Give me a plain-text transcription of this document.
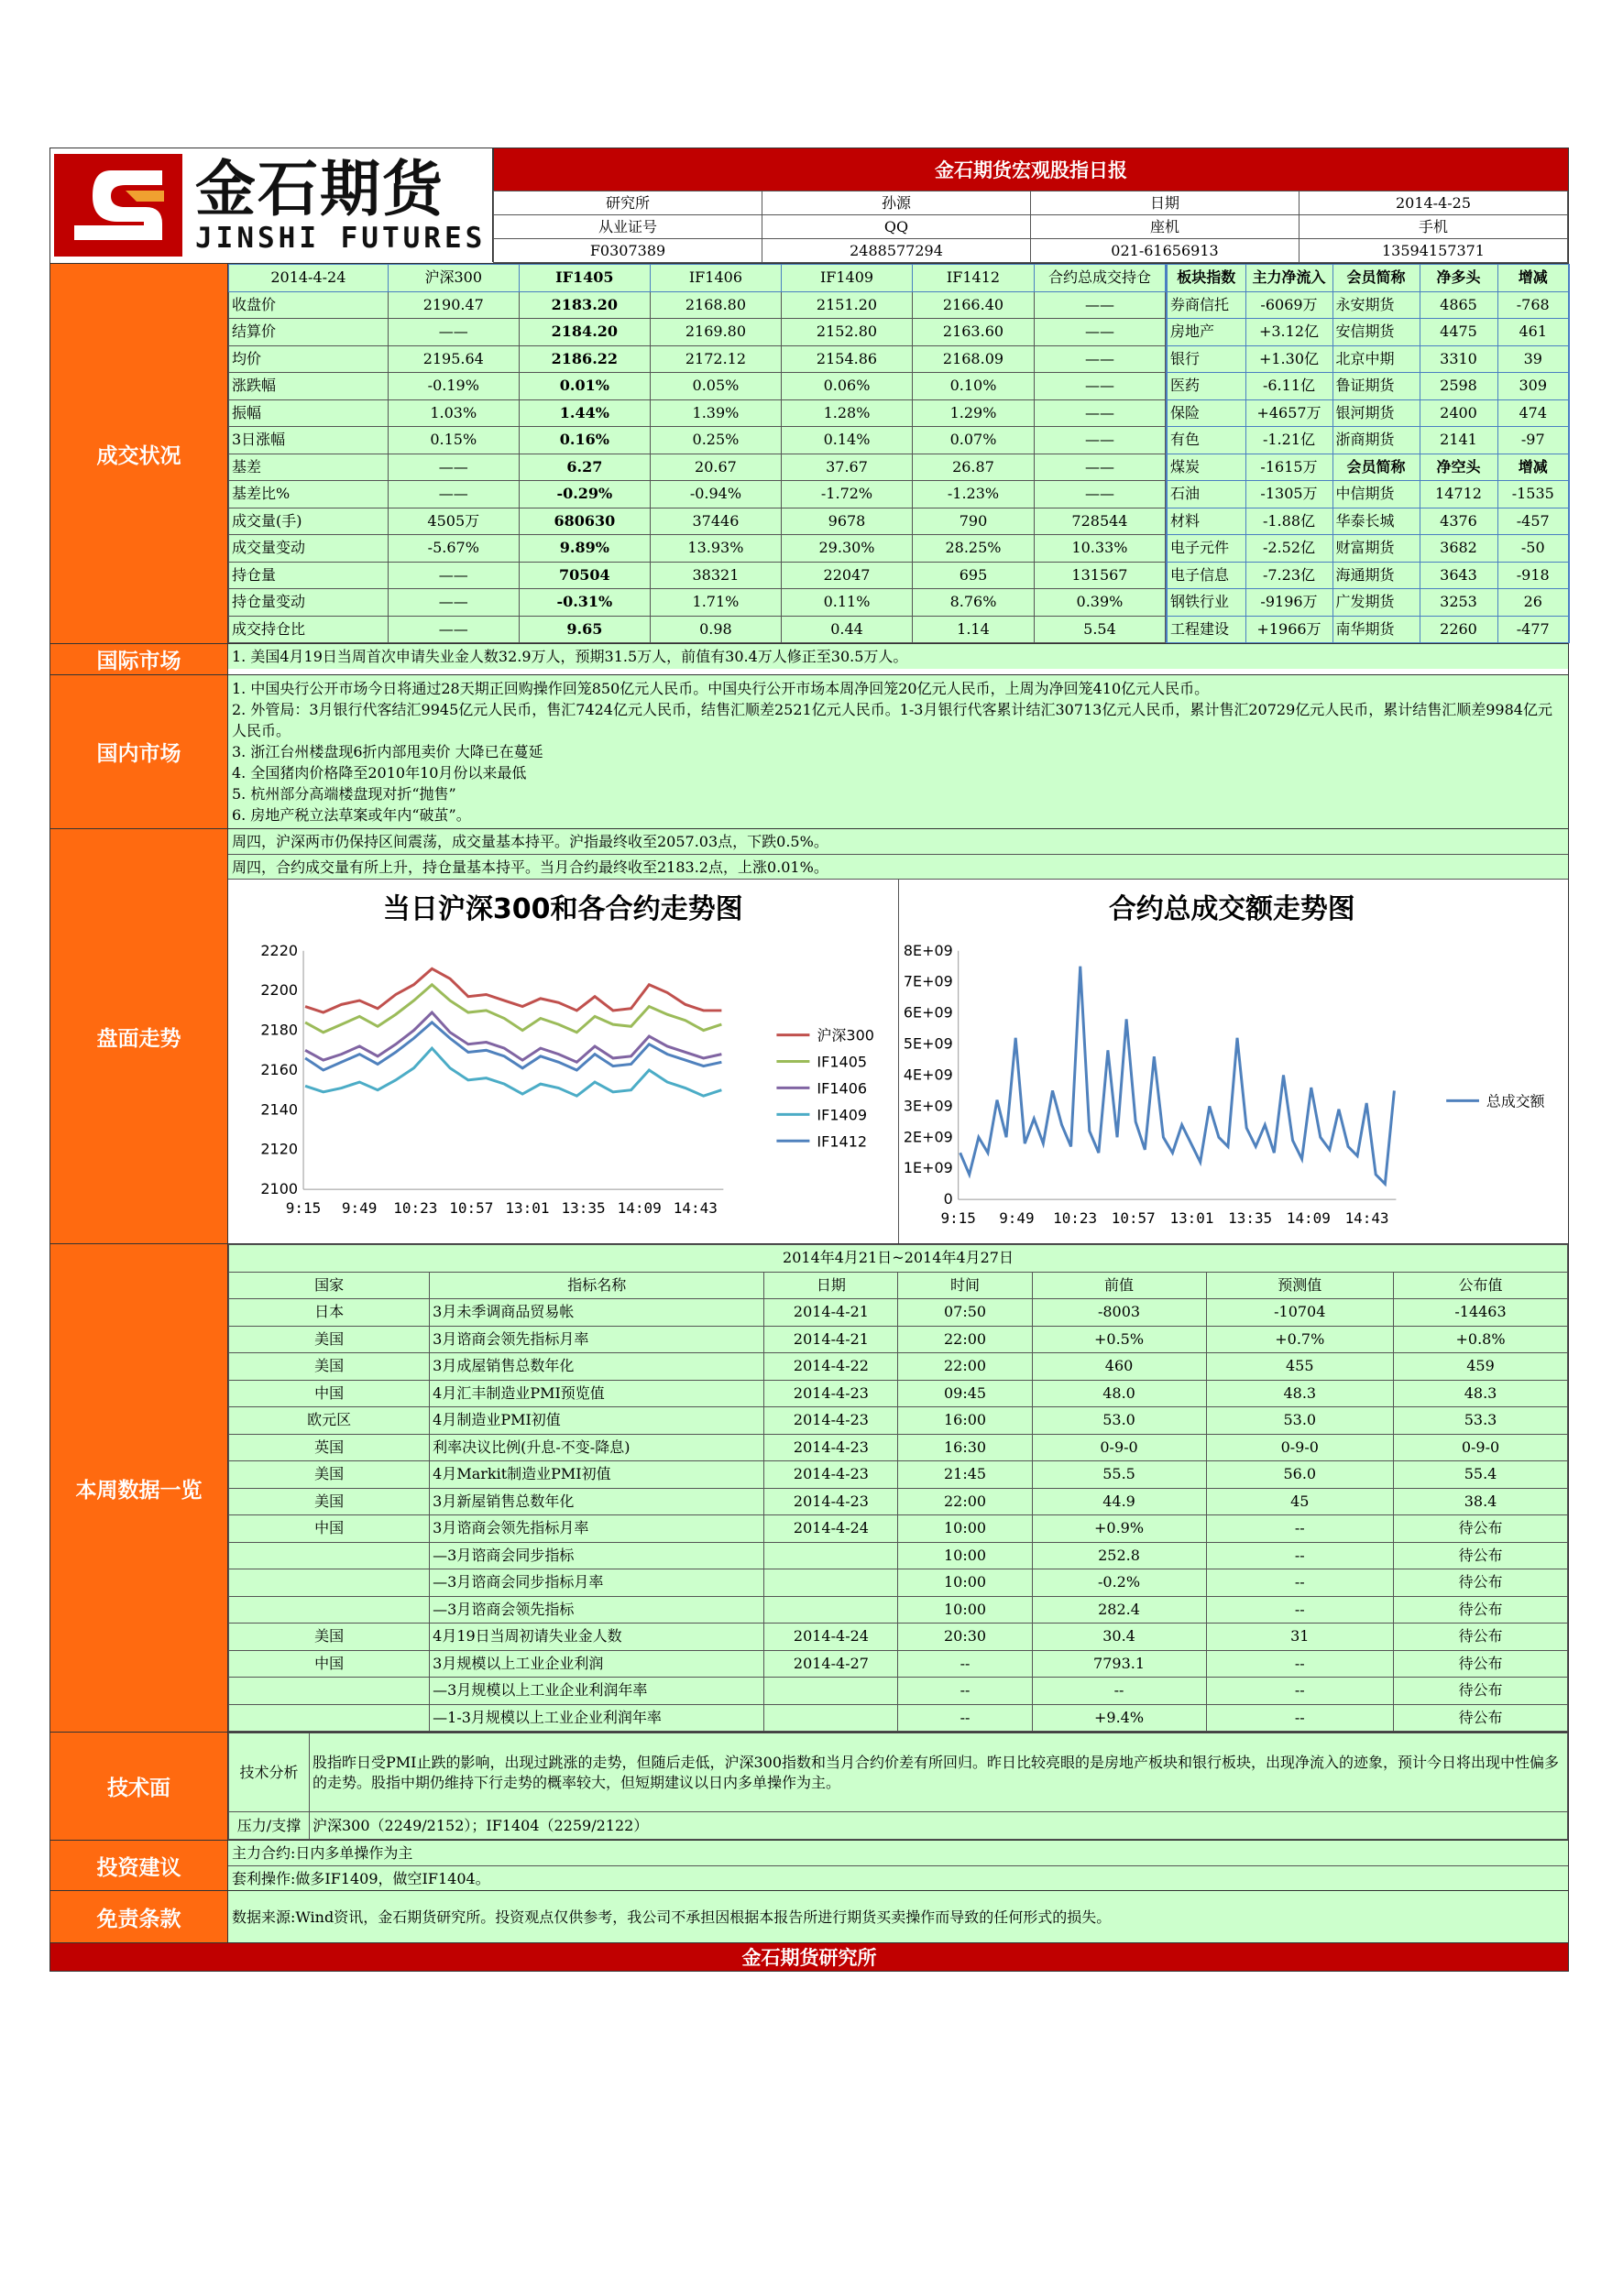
金石期货
JINSHI FUTURES
金石期货宏观股指日报
研究所	孙源	日期	2014-4-25
从业证号	QQ	座机	手机
F0307389	2488577294	021-61656913	13594157371
成交状况
2014-4-24	沪深300	IF1405	IF1406	IF1409	IF1412	合约总成交持仓
收盘价	2190.47	2183.20	2168.80	2151.20	2166.40	——
结算价	——	2184.20	2169.80	2152.80	2163.60	——
均价	2195.64	2186.22	2172.12	2154.86	2168.09	——
涨跌幅	-0.19%	0.01%	0.05%	0.06%	0.10%	——
振幅	1.03%	1.44%	1.39%	1.28%	1.29%	——
3日涨幅	0.15%	0.16%	0.25%	0.14%	0.07%	——
基差	——	6.27	20.67	37.67	26.87	——
基差比%	——	-0.29%	-0.94%	-1.72%	-1.23%	——
成交量(手)	4505万	680630	37446	9678	790	728544
成交量变动	-5.67%	9.89%	13.93%	29.30%	28.25%	10.33%
持仓量	——	70504	38321	22047	695	131567
持仓量变动	——	-0.31%	1.71%	0.11%	8.76%	0.39%
成交持仓比	——	9.65	0.98	0.44	1.14	5.54
板块指数	主力净流入	会员简称	净多头	增减
券商信托	-6069万	永安期货	4865	-768
房地产	+3.12亿	安信期货	4475	461
银行	+1.30亿	北京中期	3310	39
医药	-6.11亿	鲁证期货	2598	309
保险	+4657万	银河期货	2400	474
有色	-1.21亿	浙商期货	2141	-97
煤炭	-1615万	会员简称	净空头	增减
石油	-1305万	中信期货	14712	-1535
材料	-1.88亿	华泰长城	4376	-457
电子元件	-2.52亿	财富期货	3682	-50
电子信息	-7.23亿	海通期货	3643	-918
钢铁行业	-9196万	广发期货	3253	26
工程建设	+1966万	南华期货	2260	-477
国际市场	1. 美国4月19日当周首次申请失业金人数32.9万人，预期31.5万人，前值有30.4万人修正至30.5万人。
国内市场
1. 中国央行公开市场今日将通过28天期正回购操作回笼850亿元人民币。中国央行公开市场本周净回笼20亿元人民币，上周为净回笼410亿元人民币。
2. 外管局：3月银行代客结汇9945亿元人民币，售汇7424亿元人民币，结售汇顺差2521亿元人民币。1-3月银行代客累计结汇30713亿元人民币，累计售汇20729亿元人民币，累计结售汇顺差9984亿元人民币。
3. 浙江台州楼盘现6折内部甩卖价 大降已在蔓延
4. 全国猪肉价格降至2010年10月份以来最低
5. 杭州部分高端楼盘现对折“抛售”
6. 房地产税立法草案或年内“破茧”。
盘面走势
周四，沪深两市仍保持区间震荡，成交量基本持平。沪指最终收至2057.03点，下跌0.5%。
周四，合约成交量有所上升，持仓量基本持平。当月合约最终收至2183.2点，上涨0.01%。
当日沪深300和各合约走势图
2100
2120
2140
2160
2180
2200
2220
9:15 9:49 10:23 10:57 13:01 13:35 14:09 14:43
沪深300
IF1405
IF1406
IF1409
IF1412
合约总成交额走势图
0
1E+09
2E+09
3E+09
4E+09
5E+09
6E+09
7E+09
8E+09
9:15 9:49 10:23 10:57 13:01 13:35 14:09 14:43
总成交额
本周数据一览
2014年4月21日~2014年4月27日						
国家	指标名称	日期	时间	前值	预测值	公布值
日本	3月未季调商品贸易帐	2014-4-21	07:50	-8003	-10704	-14463
美国	3月谘商会领先指标月率	2014-4-21	22:00	+0.5%	+0.7%	+0.8%
美国	3月成屋销售总数年化	2014-4-22	22:00	460	455	459
中国	4月汇丰制造业PMI预览值	2014-4-23	09:45	48.0	48.3	48.3
欧元区	4月制造业PMI初值	2014-4-23	16:00	53.0	53.0	53.3
英国	利率决议比例(升息-不变-降息)	2014-4-23	16:30	0-9-0	0-9-0	0-9-0
美国	4月Markit制造业PMI初值	2014-4-23	21:45	55.5	56.0	55.4
美国	3月新屋销售总数年化	2014-4-23	22:00	44.9	45	38.4
中国	3月谘商会领先指标月率	2014-4-24	10:00	+0.9%	--	待公布
	—3月谘商会同步指标		10:00	252.8	--	待公布
	—3月谘商会同步指标月率		10:00	-0.2%	--	待公布
	—3月谘商会领先指标		10:00	282.4	--	待公布
美国	4月19日当周初请失业金人数	2014-4-24	20:30	30.4	31	待公布
中国	3月规模以上工业企业利润	2014-4-27	--	7793.1	--	待公布
	—3月规模以上工业企业利润年率		--	--	--	待公布
	—1-3月规模以上工业企业利润年率		--	+9.4%	--	待公布
技术面
技术分析	股指昨日受PMI止跌的影响，出现过跳涨的走势，但随后走低，沪深300指数和当月合约价差有所回归。昨日比较亮眼的是房地产板块和银行板块，出现净流入的迹象，预计今日将出现中性偏多的走势。股指中期仍维持下行走势的概率较大，但短期建议以日内多单操作为主。
压力/支撑	沪深300（2249/2152）；IF1404（2259/2122）
投资建议
主力合约:日内多单操作为主
套利操作:做多IF1409，做空IF1404。
免责条款	数据来源:Wind资讯，金石期货研究所。投资观点仅供参考，我公司不承担因根据本报告所进行期货买卖操作而导致的任何形式的损失。
金石期货研究所
